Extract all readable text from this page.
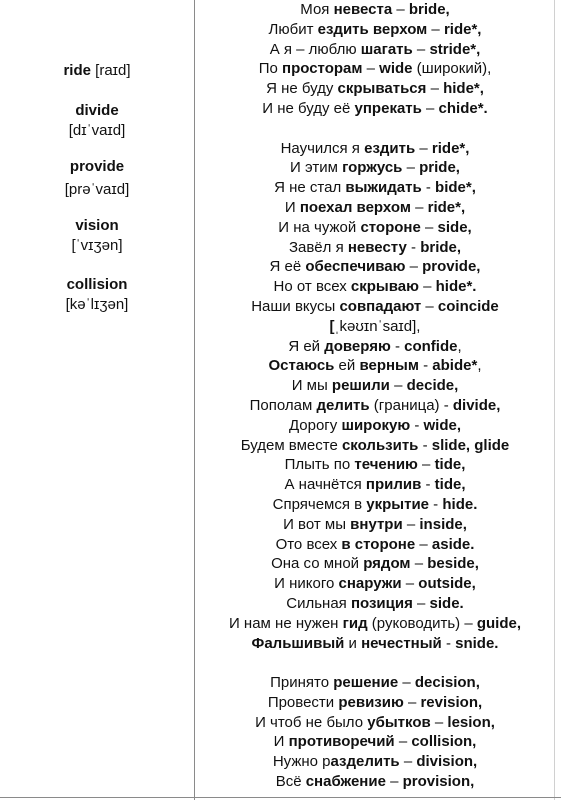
ride [raɪd]
divide
[dɪˈvaɪd]
provide
[prəˈvaɪd]
vision
[ˈvɪʒən]
collision
[kəˈlɪʒən]
Моя невеста – bride,
Любит ездить верхом – ride*,
А я – люблю шагать – stride*,
По просторам – wide (широкий),
Я не буду скрываться – hide*,
И не буду её упрекать – chide*.
Научился я ездить – ride*,
И этим горжусь – pride,
Я не стал выжидать - bide*,
И поехал верхом – ride*,
И на чужой стороне – side,
Завёл я невесту - bride,
Я её обеспечиваю – provide,
Но от всех скрываю – hide*.
Наши вкусы совпадают – coincide
[ˌkəʊɪnˈsaɪd],
Я ей доверяю - confide,
Остаюсь ей верным - abide*,
И мы решили – decide,
Пополам делить (граница) - divide,
Дорогу широкую - wide,
Будем вместе скользить - slide, glide
Плыть по течению – tide,
А начнётся прилив - tide,
Спрячемся в укрытие - hide.
И вот мы внутри – inside,
Ото всех в стороне – aside.
Она со мной рядом – beside,
И никого снаружи – outside,
Сильная позиция – side.
И нам не нужен гид (руководить) – guide,
Фальшивый и нечестный - snide.
Принято решение – decision,
Провести ревизию – revision,
И чтоб не было убытков – lesion,
И противоречий – collision,
Нужно разделить – division,
Всё снабжение – provision,
